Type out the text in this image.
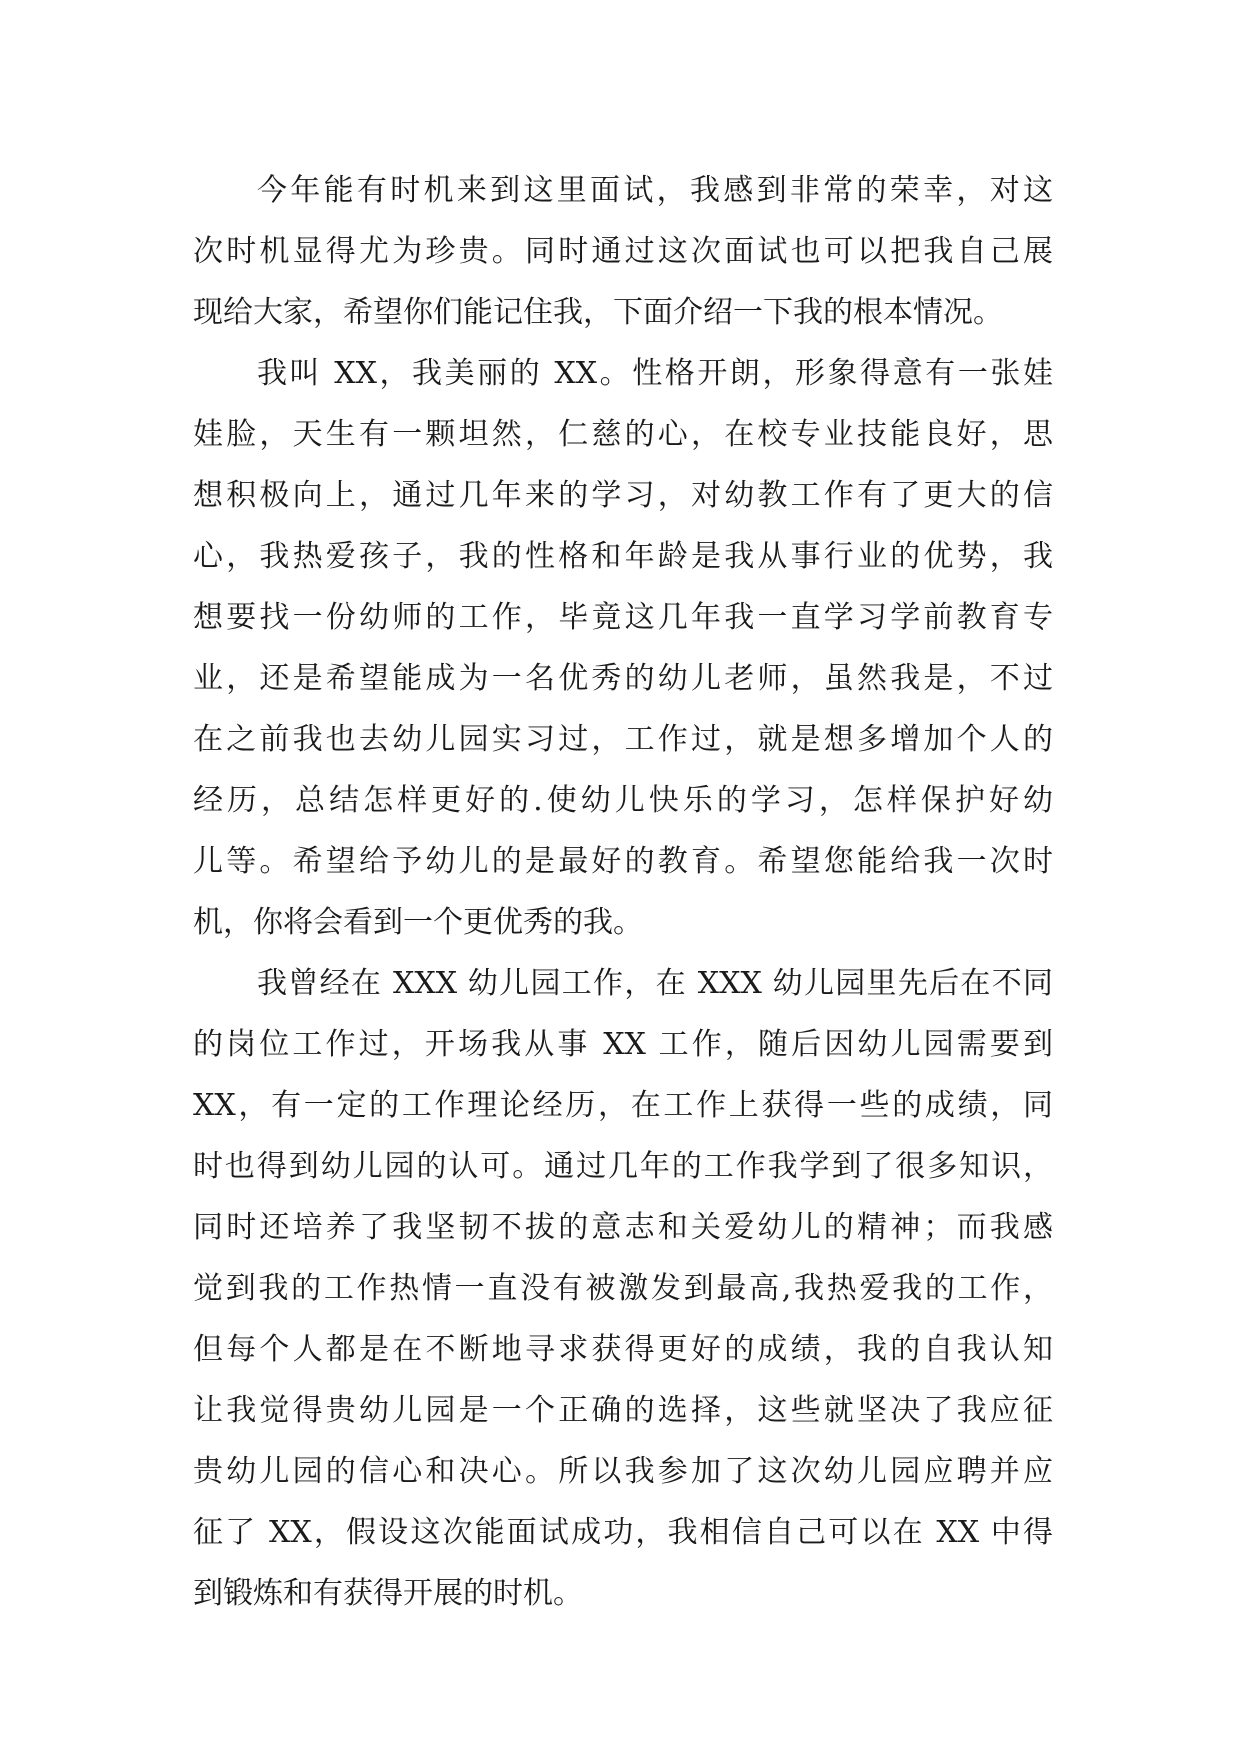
今年能有时机来到这里面试，我感到非常的荣幸，对这
次时机显得尤为珍贵。同时通过这次面试也可以把我自己展
现给大家，希望你们能记住我，下面介绍一下我的根本情况。
我叫 XX，我美丽的 XX。性格开朗，形象得意有一张娃
娃脸，天生有一颗坦然，仁慈的心，在校专业技能良好，思
想积极向上，通过几年来的学习，对幼教工作有了更大的信
心，我热爱孩子，我的性格和年龄是我从事行业的优势，我
想要找一份幼师的工作，毕竟这几年我一直学习学前教育专
业，还是希望能成为一名优秀的幼儿老师，虽然我是，不过
在之前我也去幼儿园实习过，工作过，就是想多增加个人的
经历，总结怎样更好的.使幼儿快乐的学习，怎样保护好幼
儿等。希望给予幼儿的是最好的教育。希望您能给我一次时
机，你将会看到一个更优秀的我。
我曾经在 XXX 幼儿园工作，在 XXX 幼儿园里先后在不同
的岗位工作过，开场我从事 XX 工作，随后因幼儿园需要到
XX，有一定的工作理论经历，在工作上获得一些的成绩，同
时也得到幼儿园的认可。通过几年的工作我学到了很多知识，
同时还培养了我坚韧不拔的意志和关爱幼儿的精神；而我感
觉到我的工作热情一直没有被激发到最高,我热爱我的工作，
但每个人都是在不断地寻求获得更好的成绩，我的自我认知
让我觉得贵幼儿园是一个正确的选择，这些就坚决了我应征
贵幼儿园的信心和决心。所以我参加了这次幼儿园应聘并应
征了 XX，假设这次能面试成功，我相信自己可以在 XX 中得
到锻炼和有获得开展的时机。
